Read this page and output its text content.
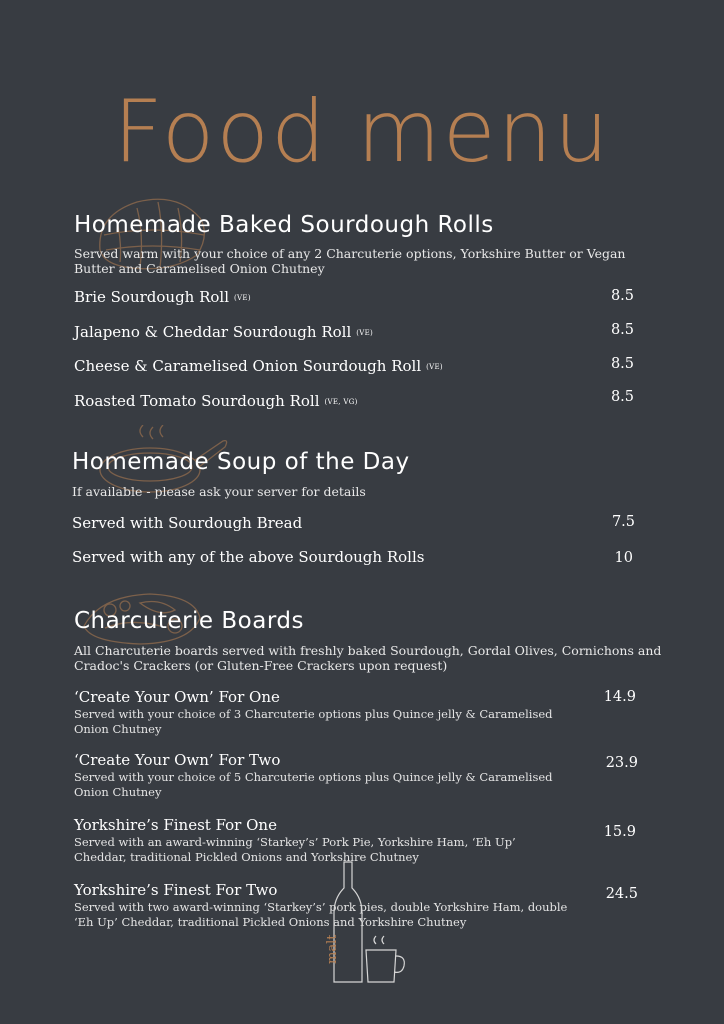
Food menu
Homemade Baked Sourdough Rolls

Served warm with your choice of any 2 Charcuterie options, Yorkshire Butter or Vegan Butter and Caramelised Onion Chutney

Brie Sourdough Roll (VE)	8.5
Jalapeno & Cheddar Sourdough Roll (VE)	8.5
Cheese & Caramelised Onion Sourdough Roll (VE)	8.5
Roasted Tomato Sourdough Roll (VE, VG)	8.5
Homemade Soup of the Day

If available - please ask your server for details

Served with Sourdough Bread	7.5
Served with any of the above Sourdough Rolls	10
Charcuterie Boards

All Charcuterie boards served with freshly baked Sourdough, Gordal Olives, Cornichons and Cradoc's Crackers (or Gluten-Free Crackers upon request)

‘Create Your Own’ For One
Served with your choice of 3 Charcuterie options plus Quince jelly & Caramelised Onion Chutney
14.9
‘Create Your Own’ For Two
Served with your choice of 5 Charcuterie options plus Quince jelly & Caramelised Onion Chutney
23.9
Yorkshire’s Finest For One
Served with an award-winning ‘Starkey’s’ Pork Pie, Yorkshire Ham, ‘Eh Up’ Cheddar, traditional Pickled Onions and Yorkshire Chutney
15.9
Yorkshire’s Finest For Two
Served with two award-winning ‘Starkey’s’ pork pies, double Yorkshire Ham, double ‘Eh Up’ Cheddar, traditional Pickled Onions and Yorkshire Chutney
24.5
malt
